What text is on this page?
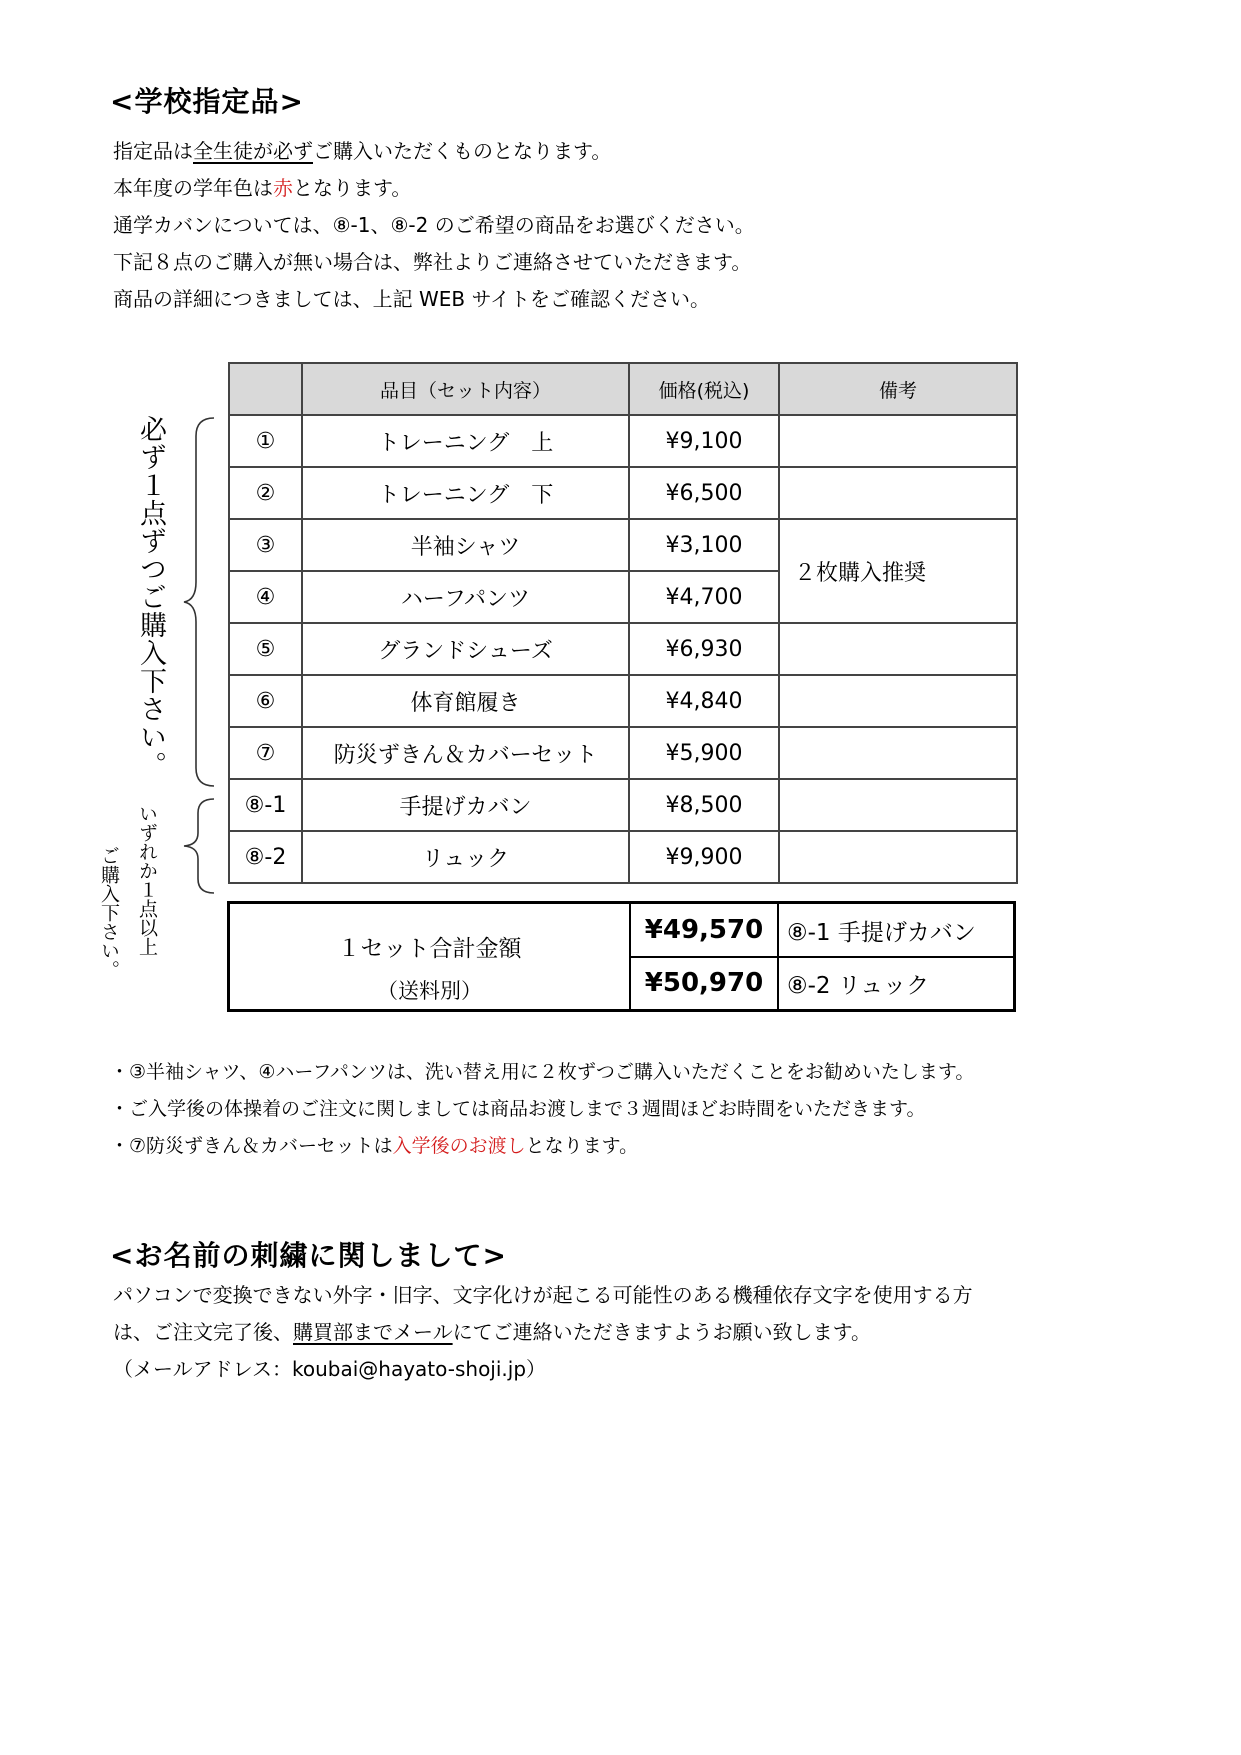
<学校指定品>
指定品は全生徒が必ずご購入いただくものとなります。
本年度の学年色は赤となります。
通学カバンについては、⑧-1、⑧-2 のご希望の商品をお選びください。
下記８点のご購入が無い場合は、弊社よりご連絡させていただきます。
商品の詳細につきましては、上記 WEB サイトをご確認ください。
必ず１点ずつご購入下さい。
いずれか１点以上
ご購入下さい。
	品目（セット内容）	価格(税込)	備考
①	トレーニング　上	¥9,100	
②	トレーニング　下	¥6,500	
③	半袖シャツ	¥3,100	２枚購入推奨
④	ハーフパンツ	¥4,700	
⑤	グランドシューズ	¥6,930	
⑥	体育館履き	¥4,840	
⑦	防災ずきん＆カバーセット	¥5,900	
⑧-1	手提げカバン	¥8,500	
⑧-2	リュック	¥9,900	
１セット合計金額
（送料別）
¥49,570	⑧-1 手提げカバン
¥50,970	⑧-2 リュック
・③半袖シャツ、④ハーフパンツは、洗い替え用に２枚ずつご購入いただくことをお勧めいたします。
・ご入学後の体操着のご注文に関しましては商品お渡しまで３週間ほどお時間をいただきます。
・⑦防災ずきん＆カバーセットは入学後のお渡しとなります。
<お名前の刺繍に関しまして>
パソコンで変換できない外字・旧字、文字化けが起こる可能性のある機種依存文字を使用する方
は、ご注文完了後、購買部までメールにてご連絡いただきますようお願い致します。
（メールアドレス：koubai@hayato-shoji.jp）
